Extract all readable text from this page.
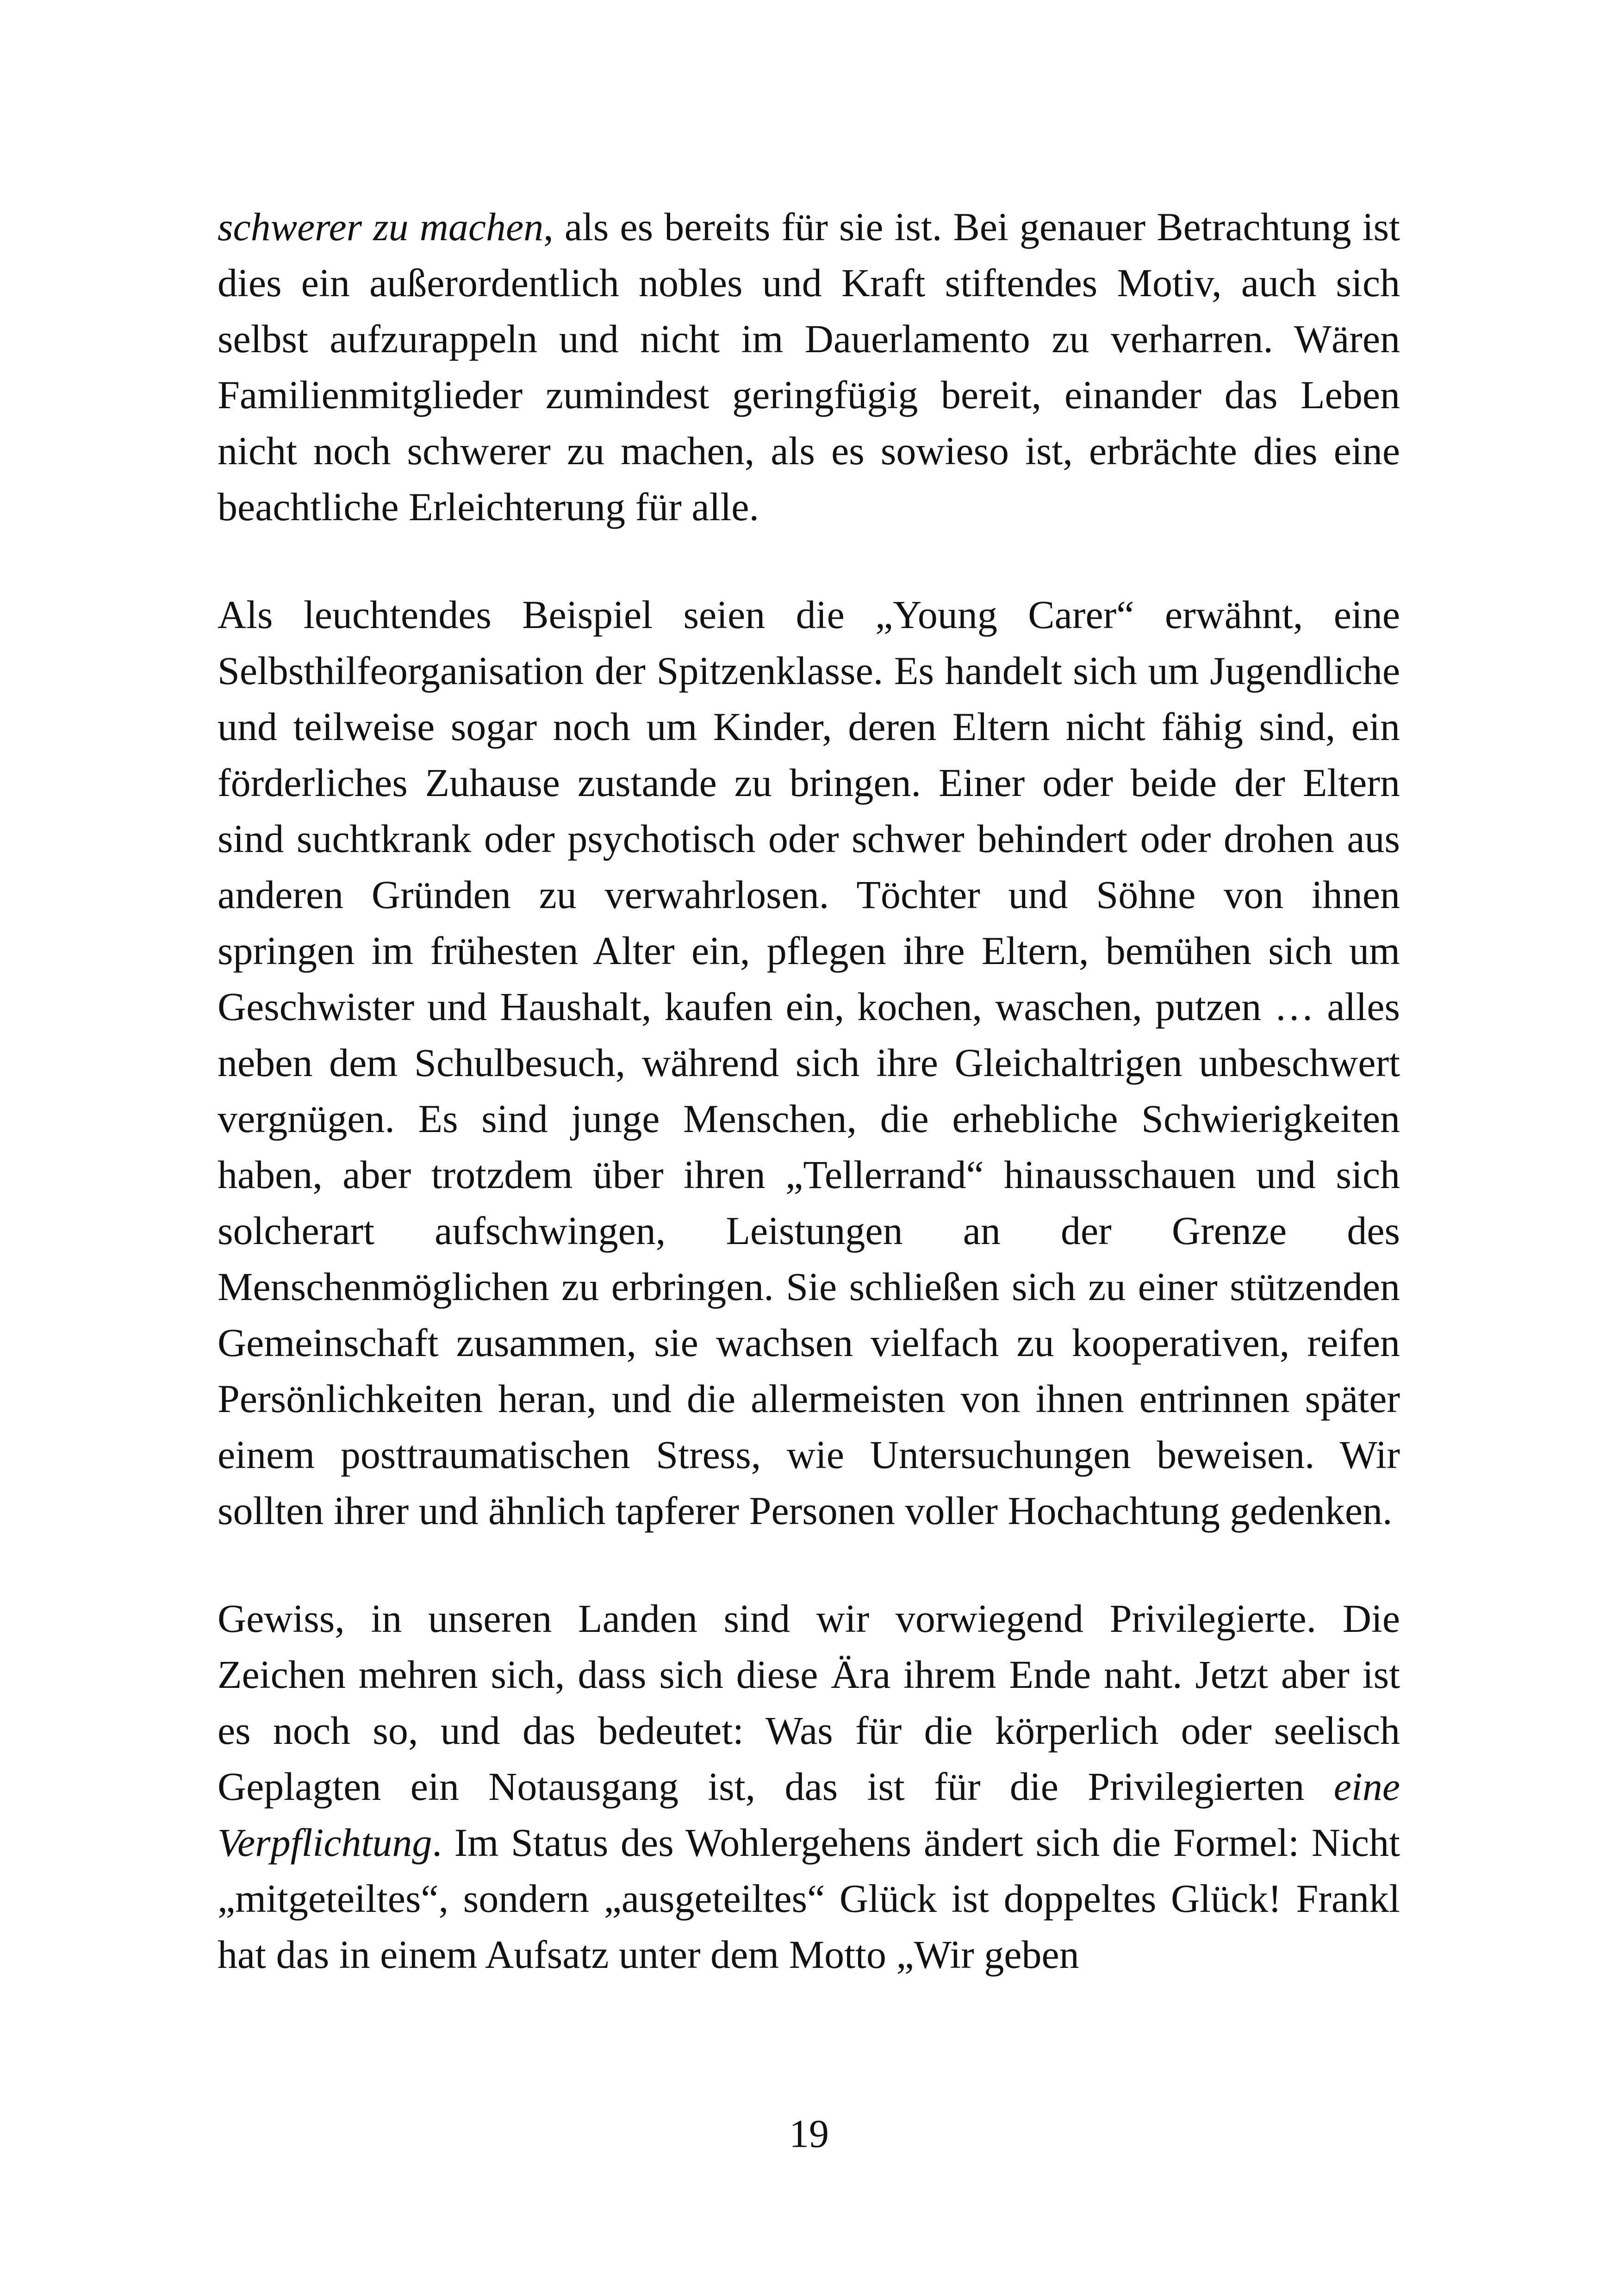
schwerer zu machen, als es bereits für sie ist. Bei genauer Betrachtung ist dies ein außerordentlich nobles und Kraft stiftendes Motiv, auch sich selbst aufzurappeln und nicht im Dauerlamento zu verharren. Wären Familienmitglieder zumindest geringfügig bereit, einander das Leben nicht noch schwerer zu machen, als es sowieso ist, erbrächte dies eine beachtliche Erleichterung für alle.

Als leuchtendes Beispiel seien die „Young Carer“ erwähnt, eine Selbsthilfeorganisation der Spitzenklasse. Es handelt sich um Jugendliche und teilweise sogar noch um Kinder, deren Eltern nicht fähig sind, ein förderliches Zuhause zustande zu bringen. Einer oder beide der Eltern sind suchtkrank oder psychotisch oder schwer behindert oder drohen aus anderen Gründen zu verwahrlosen. Töchter und Söhne von ihnen springen im frühesten Alter ein, pflegen ihre Eltern, bemühen sich um Geschwister und Haushalt, kaufen ein, kochen, waschen, putzen … alles neben dem Schulbesuch, während sich ihre Gleichaltrigen unbeschwert vergnügen. Es sind junge Menschen, die erhebliche Schwierigkeiten haben, aber trotzdem über ihren „Tellerrand“ hinausschauen und sich solcherart aufschwingen, Leistungen an der Grenze des Menschenmöglichen zu erbringen. Sie schließen sich zu einer stützenden Gemeinschaft zusammen, sie wachsen vielfach zu kooperativen, reifen Persönlichkeiten heran, und die allermeisten von ihnen entrinnen später einem posttraumatischen Stress, wie Untersuchungen beweisen. Wir sollten ihrer und ähnlich tapferer Personen voller Hochachtung gedenken.

Gewiss, in unseren Landen sind wir vorwiegend Privilegierte. Die Zeichen mehren sich, dass sich diese Ära ihrem Ende naht. Jetzt aber ist es noch so, und das bedeutet: Was für die körperlich oder seelisch Geplagten ein Notausgang ist, das ist für die Privilegierten eine Verpflichtung. Im Status des Wohlergehens ändert sich die Formel: Nicht „mitgeteiltes“, sondern „ausgeteiltes“ Glück ist doppeltes Glück! Frankl hat das in einem Aufsatz unter dem Motto „Wir geben

19
